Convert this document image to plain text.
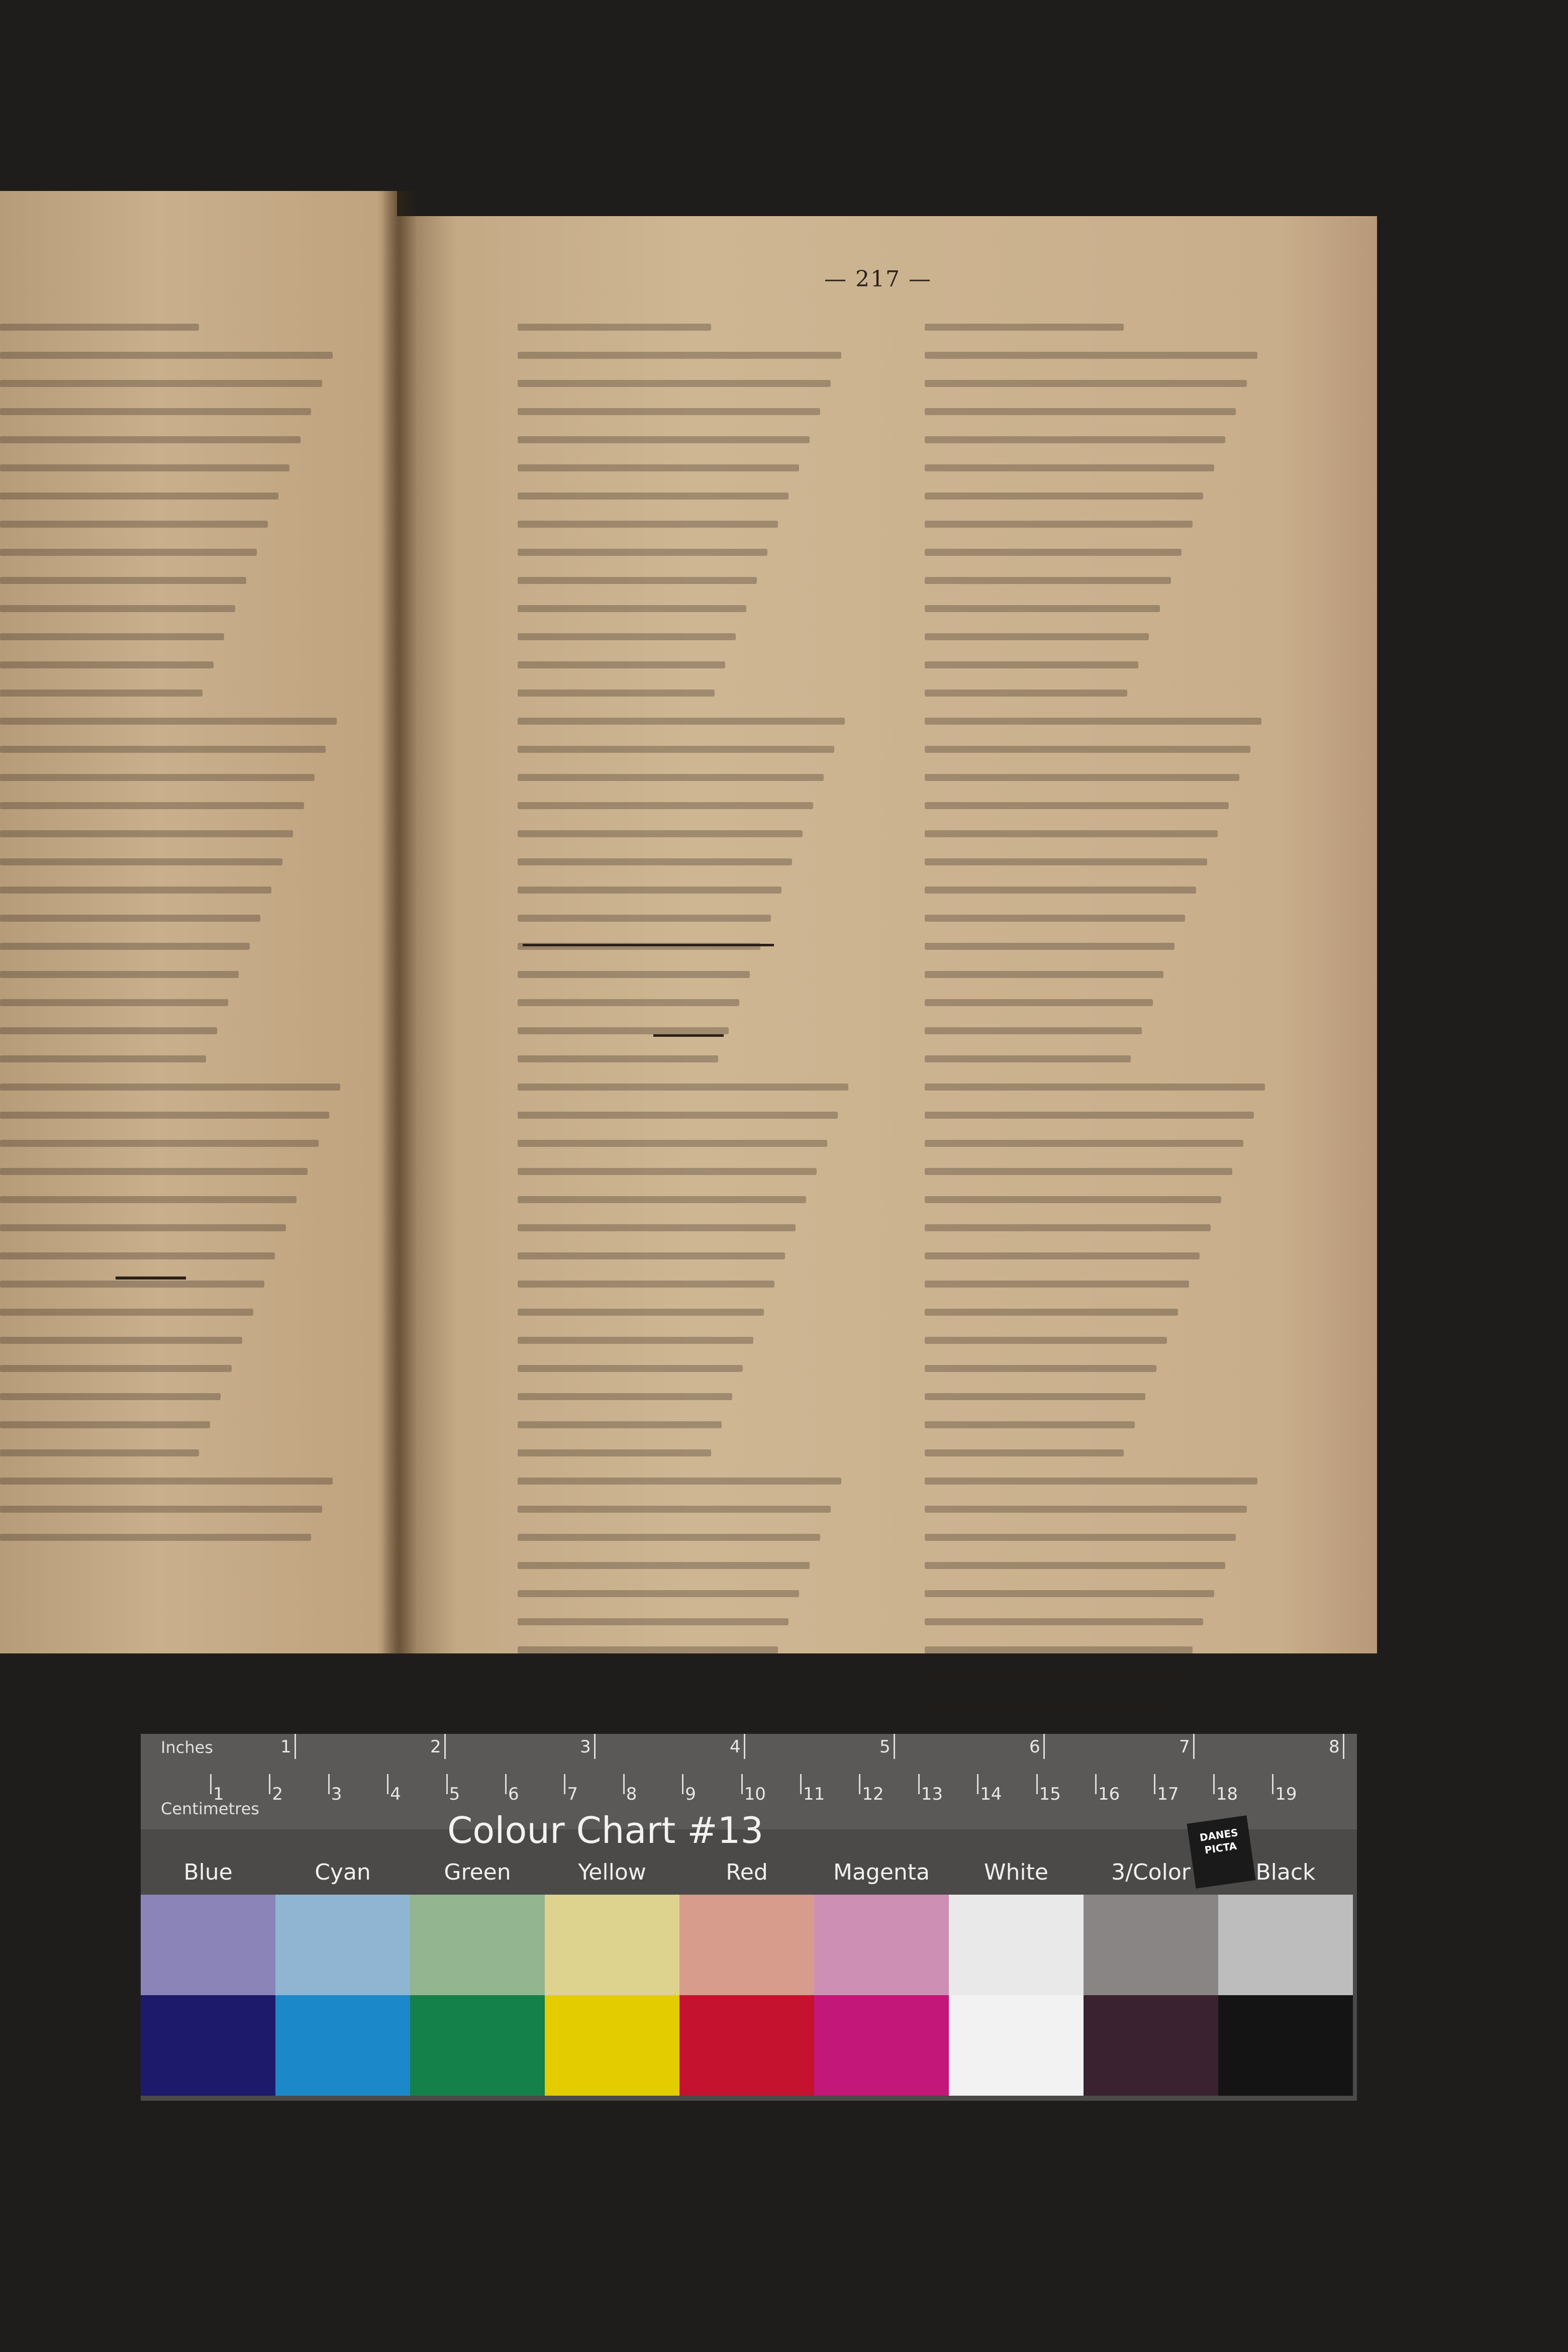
— 217 —
Inches
Centimetres
1	2	3	4	5	6	7	8
1	2	3	4	5	6	7	8	9	10 11 12 13 14 15 16 17 18 19
Colour Chart #13	DANES
PICTA
Blue	Cyan	Green	Yellow	Red	Magenta	White	3/Color	Black
